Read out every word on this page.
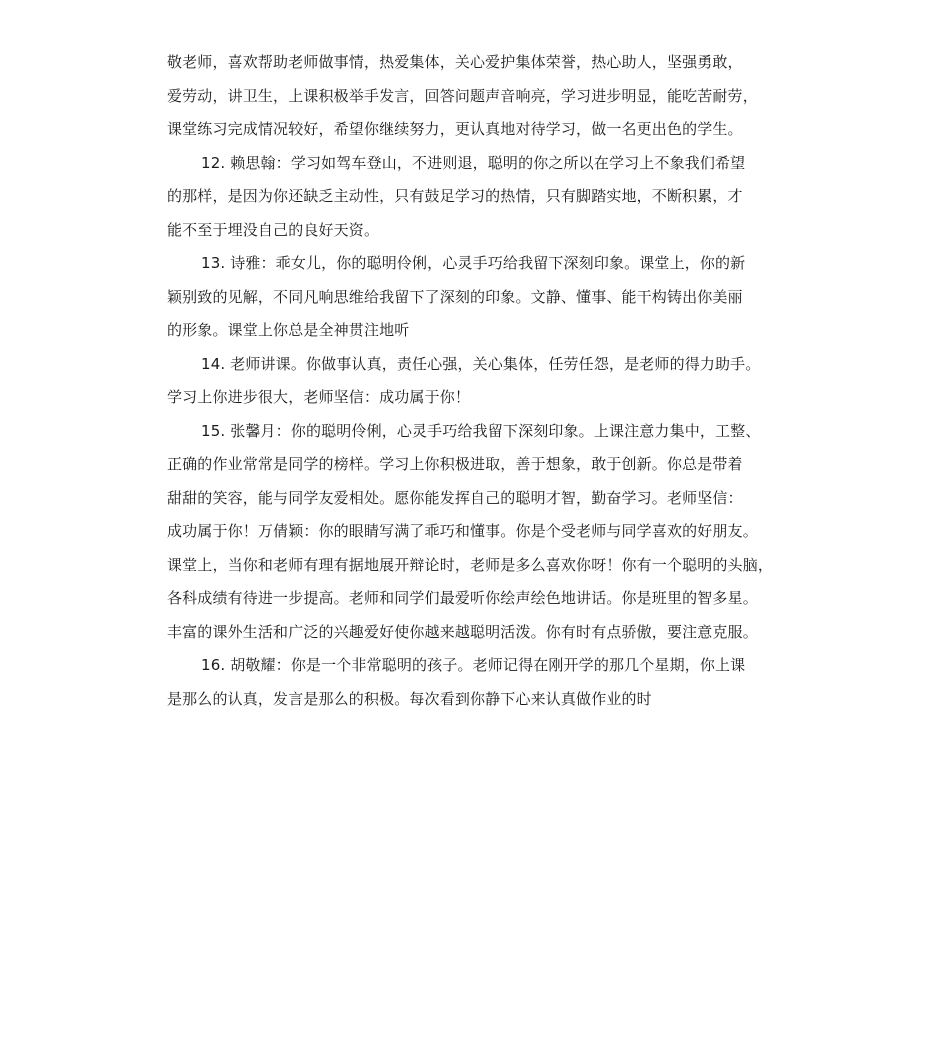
敬老师，喜欢帮助老师做事情，热爱集体，关心爱护集体荣誉，热心助人，坚强勇敢，
爱劳动，讲卫生，上课积极举手发言，回答问题声音响亮，学习进步明显，能吃苦耐劳，
课堂练习完成情况较好，希望你继续努力，更认真地对待学习，做一名更出色的学生。
12. 赖思翰：学习如驾车登山，不进则退，聪明的你之所以在学习上不象我们希望
的那样，是因为你还缺乏主动性，只有鼓足学习的热情，只有脚踏实地，不断积累，才
能不至于埋没自己的良好天资。
13. 诗雅：乖女儿，你的聪明伶俐，心灵手巧给我留下深刻印象。课堂上，你的新
颖别致的见解，不同凡响思维给我留下了深刻的印象。文静、懂事、能干构铸出你美丽
的形象。课堂上你总是全神贯注地听
14. 老师讲课。你做事认真，责任心强，关心集体，任劳任怨，是老师的得力助手。
学习上你进步很大，老师坚信：成功属于你！
15. 张馨月：你的聪明伶俐，心灵手巧给我留下深刻印象。上课注意力集中，工整、
正确的作业常常是同学的榜样。学习上你积极进取，善于想象，敢于创新。你总是带着
甜甜的笑容，能与同学友爱相处。愿你能发挥自己的聪明才智，勤奋学习。老师坚信：
成功属于你！万倩颖：你的眼睛写满了乖巧和懂事。你是个受老师与同学喜欢的好朋友。
课堂上，当你和老师有理有据地展开辩论时，老师是多么喜欢你呀！你有一个聪明的头脑，
各科成绩有待进一步提高。老师和同学们最爱听你绘声绘色地讲话。你是班里的智多星。
丰富的课外生活和广泛的兴趣爱好使你越来越聪明活泼。你有时有点骄傲，要注意克服。
16. 胡敬耀：你是一个非常聪明的孩子。老师记得在刚开学的那几个星期，你上课
是那么的认真，发言是那么的积极。每次看到你静下心来认真做作业的时
